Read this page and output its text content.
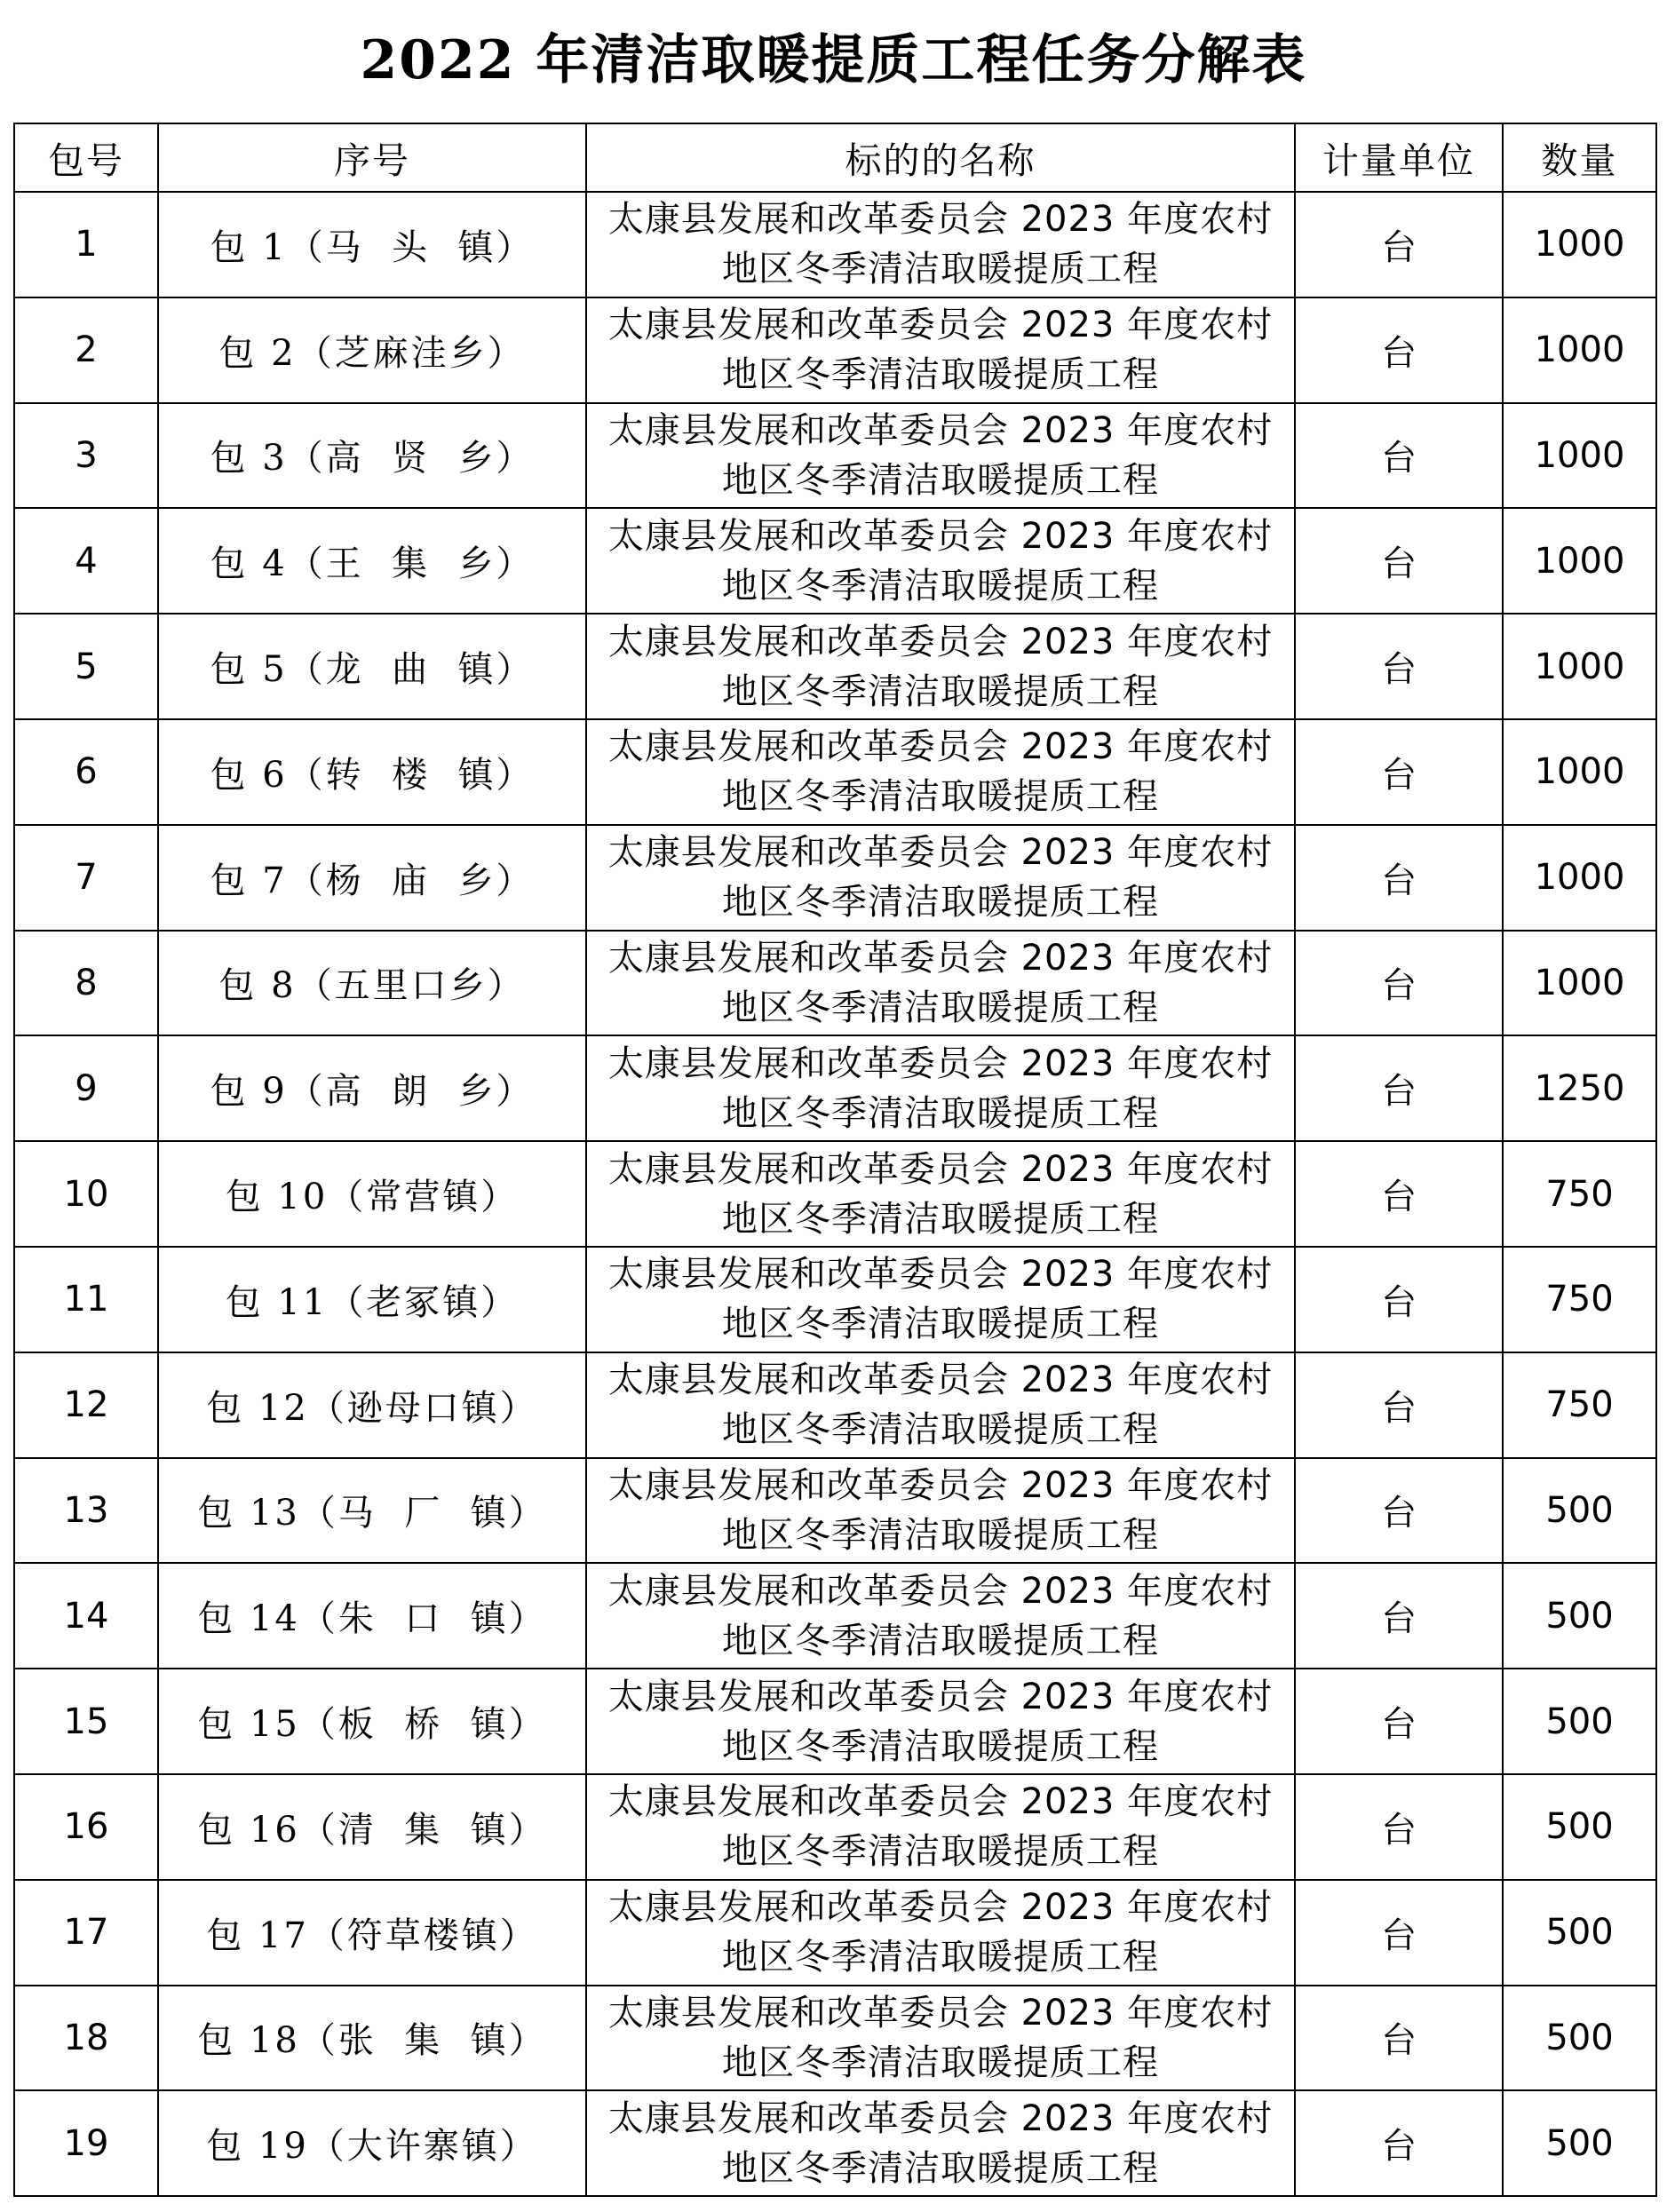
2022 年清洁取暖提质工程任务分解表
包号	序号	标的的名称	计量单位	数量
1	包 1（马  头  镇）	太康县发展和改革委员会 2023 年度农村地区冬季清洁取暖提质工程	台	1000
2	包 2（芝麻洼乡）	太康县发展和改革委员会 2023 年度农村地区冬季清洁取暖提质工程	台	1000
3	包 3（高  贤  乡）	太康县发展和改革委员会 2023 年度农村地区冬季清洁取暖提质工程	台	1000
4	包 4（王  集  乡）	太康县发展和改革委员会 2023 年度农村地区冬季清洁取暖提质工程	台	1000
5	包 5（龙  曲  镇）	太康县发展和改革委员会 2023 年度农村地区冬季清洁取暖提质工程	台	1000
6	包 6（转  楼  镇）	太康县发展和改革委员会 2023 年度农村地区冬季清洁取暖提质工程	台	1000
7	包 7（杨  庙  乡）	太康县发展和改革委员会 2023 年度农村地区冬季清洁取暖提质工程	台	1000
8	包 8（五里口乡）	太康县发展和改革委员会 2023 年度农村地区冬季清洁取暖提质工程	台	1000
9	包 9（高  朗  乡）	太康县发展和改革委员会 2023 年度农村地区冬季清洁取暖提质工程	台	1250
10	包 10（常营镇）	太康县发展和改革委员会 2023 年度农村地区冬季清洁取暖提质工程	台	750
11	包 11（老冢镇）	太康县发展和改革委员会 2023 年度农村地区冬季清洁取暖提质工程	台	750
12	包 12（逊母口镇）	太康县发展和改革委员会 2023 年度农村地区冬季清洁取暖提质工程	台	750
13	包 13（马  厂  镇）	太康县发展和改革委员会 2023 年度农村地区冬季清洁取暖提质工程	台	500
14	包 14（朱  口  镇）	太康县发展和改革委员会 2023 年度农村地区冬季清洁取暖提质工程	台	500
15	包 15（板  桥  镇）	太康县发展和改革委员会 2023 年度农村地区冬季清洁取暖提质工程	台	500
16	包 16（清  集  镇）	太康县发展和改革委员会 2023 年度农村地区冬季清洁取暖提质工程	台	500
17	包 17（符草楼镇）	太康县发展和改革委员会 2023 年度农村地区冬季清洁取暖提质工程	台	500
18	包 18（张  集  镇）	太康县发展和改革委员会 2023 年度农村地区冬季清洁取暖提质工程	台	500
19	包 19（大许寨镇）	太康县发展和改革委员会 2023 年度农村地区冬季清洁取暖提质工程	台	500
